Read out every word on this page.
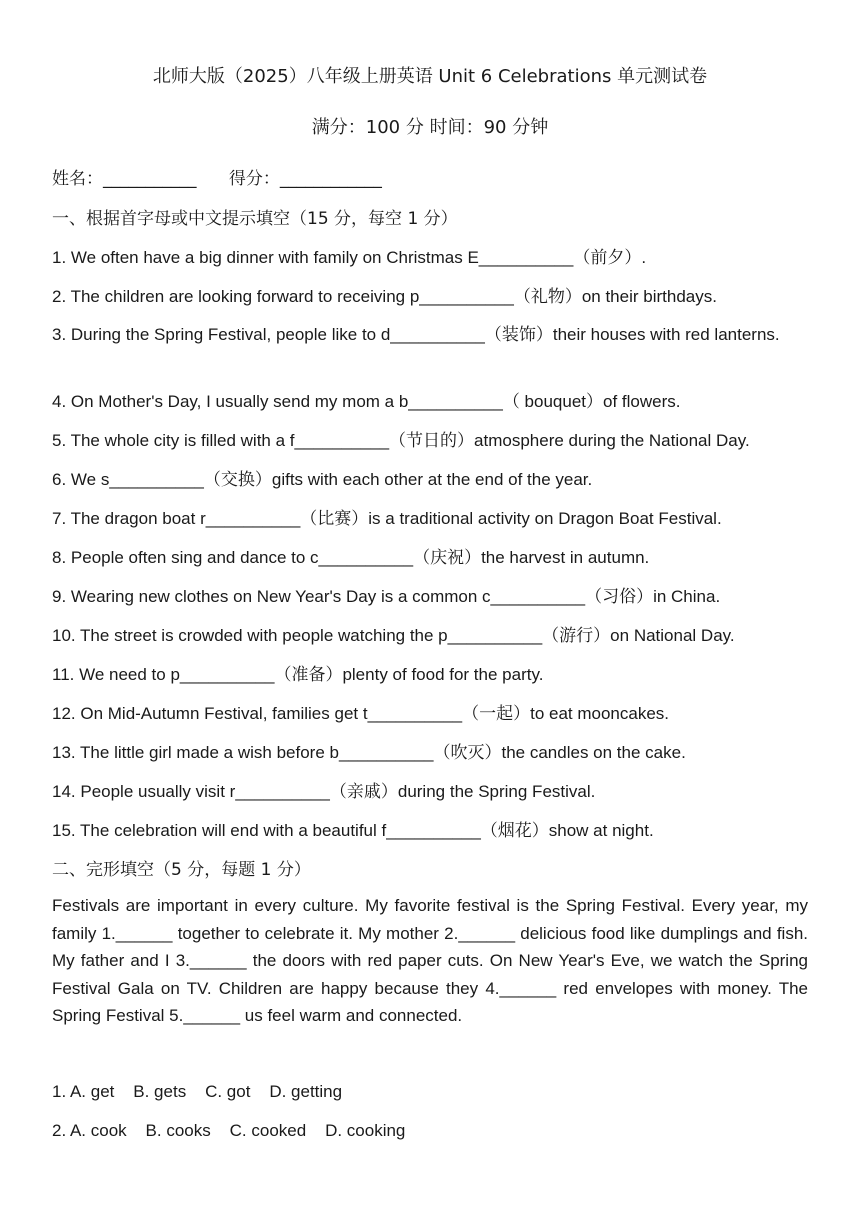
北师大版（2025）八年级上册英语 Unit 6 Celebrations 单元测试卷
满分：100 分 时间：90 分钟
姓名：___________      得分：____________
一、根据首字母或中文提示填空（15 分，每空 1 分）
1. We often have a big dinner with family on Christmas E__________（前夕）.
2. The children are looking forward to receiving p__________（礼物）on their birthdays.
3. During the Spring Festival, people like to d__________（装饰）their houses with red lanterns.
4. On Mother's Day, I usually send my mom a b__________（ bouquet）of flowers.
5. The whole city is filled with a f__________（节日的）atmosphere during the National Day.
6. We s__________（交换）gifts with each other at the end of the year.
7. The dragon boat r__________（比赛）is a traditional activity on Dragon Boat Festival.
8. People often sing and dance to c__________（庆祝）the harvest in autumn.
9. Wearing new clothes on New Year's Day is a common c__________（习俗）in China.
10. The street is crowded with people watching the p__________（游行）on National Day.
11. We need to p__________（准备）plenty of food for the party.
12. On Mid-Autumn Festival, families get t__________（一起）to eat mooncakes.
13. The little girl made a wish before b__________（吹灭）the candles on the cake.
14. People usually visit r__________（亲戚）during the Spring Festival.
15. The celebration will end with a beautiful f__________（烟花）show at night.
二、完形填空（5 分，每题 1 分）
Festivals are important in every culture. My favorite festival is the Spring Festival. Every year, my family 1.______ together to celebrate it. My mother 2.______ delicious food like dumplings and fish. My father and I 3.______ the doors with red paper cuts. On New Year's Eve, we watch the Spring Festival Gala on TV. Children are happy because they 4.______ red envelopes with money. The Spring Festival 5.______ us feel warm and connected.
1. A. get    B. gets    C. got    D. getting
2. A. cook    B. cooks    C. cooked    D. cooking
